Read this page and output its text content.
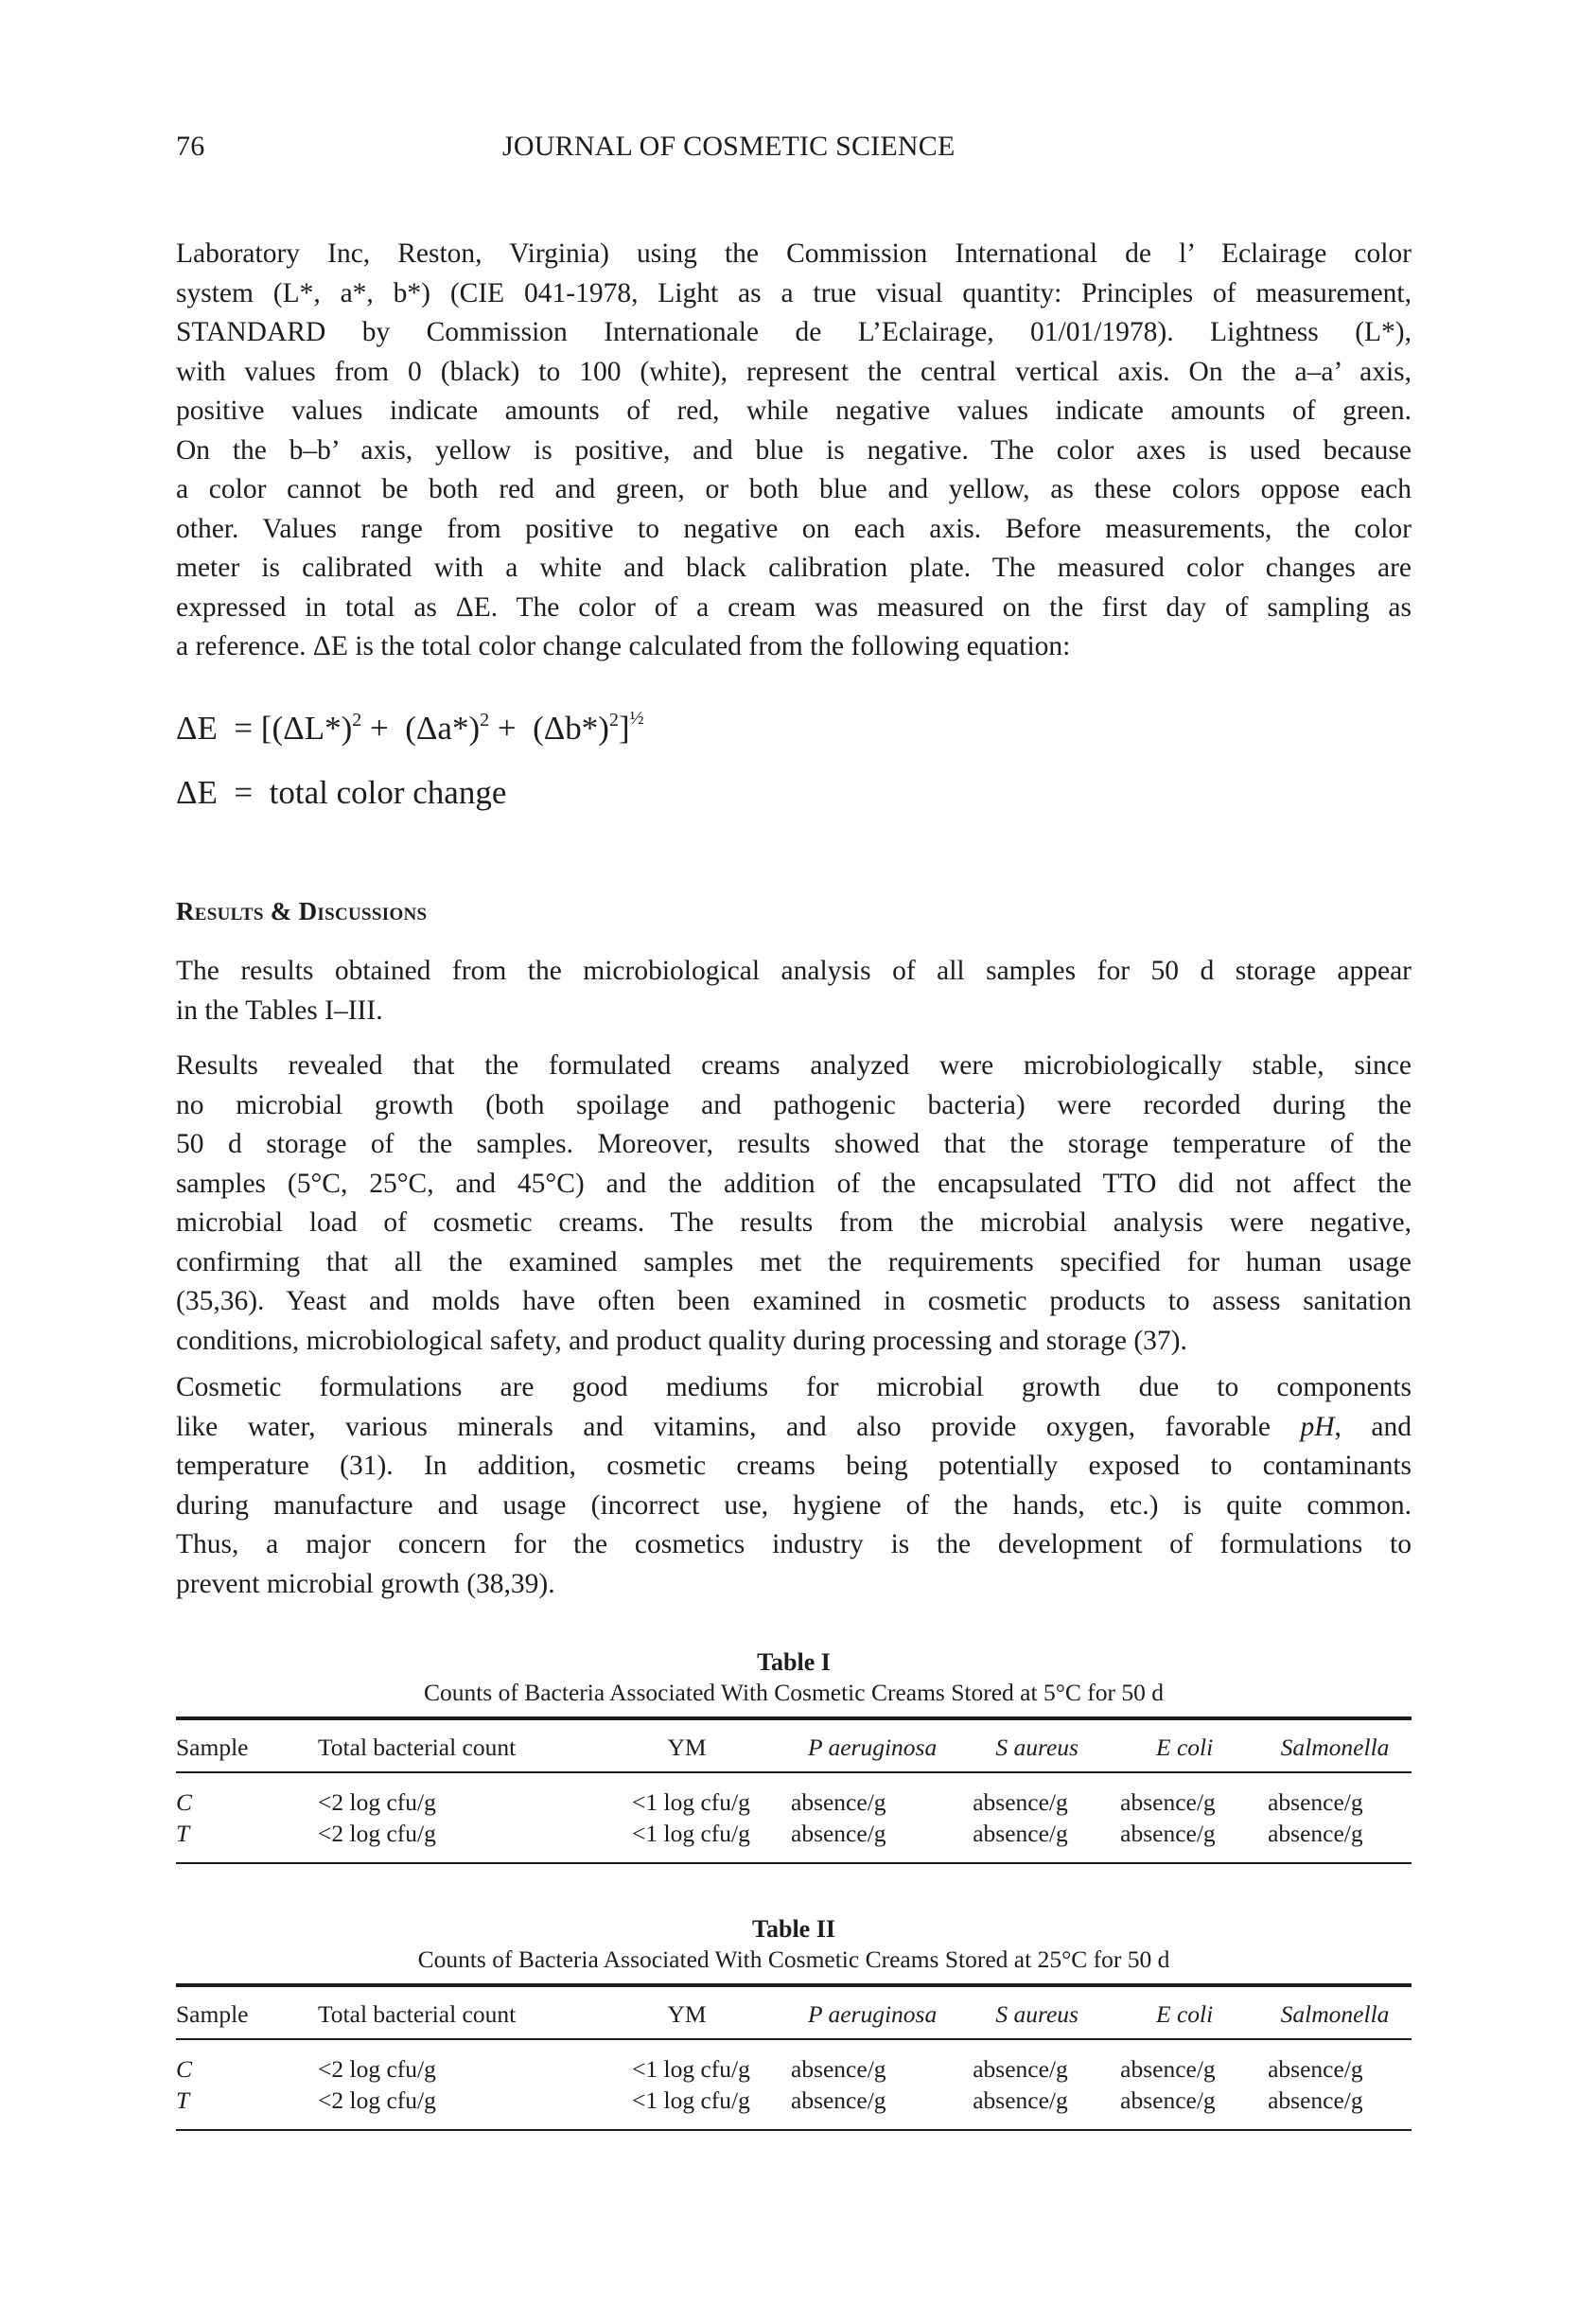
76	JOURNAL OF COSMETIC SCIENCE

Laboratory Inc, Reston, Virginia) using the Commission International de l’ Eclairage color
system (L*, a*, b*) (CIE 041-1978, Light as a true visual quantity: Principles of measurement,
STANDARD by Commission Internationale de L’Eclairage, 01/01/1978). Lightness (L*),
with values from 0 (black) to 100 (white), represent the central vertical axis. On the a–a’ axis,
positive values indicate amounts of red, while negative values indicate amounts of green.
On the b–b’ axis, yellow is positive, and blue is negative. The color axes is used because
a color cannot be both red and green, or both blue and yellow, as these colors oppose each
other. Values range from positive to negative on each axis. Before measurements, the color
meter is calibrated with a white and black calibration plate. The measured color changes are
expressed in total as ΔE. The color of a cream was measured on the first day of sampling as
a reference. ΔE is the total color change calculated from the following equation:

$\Delta E = [(\Delta L*)^2 + (\Delta a*)^2 + (\Delta b*)^2]^{\frac{1}{2}}$
ΔE = total color change
Results & Discussions

The results obtained from the microbiological analysis of all samples for 50 d storage appear
in the Tables I–III.

Results revealed that the formulated creams analyzed were microbiologically stable, since
no microbial growth (both spoilage and pathogenic bacteria) were recorded during the
50 d storage of the samples. Moreover, results showed that the storage temperature of the
samples (5°C, 25°C, and 45°C) and the addition of the encapsulated TTO did not affect the
microbial load of cosmetic creams. The results from the microbial analysis were negative,
confirming that all the examined samples met the requirements specified for human usage
(35,36). Yeast and molds have often been examined in cosmetic products to assess sanitation
conditions, microbiological safety, and product quality during processing and storage (37).

Cosmetic formulations are good mediums for microbial growth due to components
like water, various minerals and vitamins, and also provide oxygen, favorable pH, and
temperature (31). In addition, cosmetic creams being potentially exposed to contaminants
during manufacture and usage (incorrect use, hygiene of the hands, etc.) is quite common.
Thus, a major concern for the cosmetics industry is the development of formulations to
prevent microbial growth (38,39).

Table I
Counts of Bacteria Associated With Cosmetic Creams Stored at 5°C for 50 d
Sample	Total bacterial count	YM	P aeruginosa	S aureus	E coli	Salmonella
C	<2 log cfu/g	<1 log cfu/g	absence/g	absence/g	absence/g	absence/g
T	<2 log cfu/g	<1 log cfu/g	absence/g	absence/g	absence/g	absence/g
Table II
Counts of Bacteria Associated With Cosmetic Creams Stored at 25°C for 50 d
Sample	Total bacterial count	YM	P aeruginosa	S aureus	E coli	Salmonella
C	<2 log cfu/g	<1 log cfu/g	absence/g	absence/g	absence/g	absence/g
T	<2 log cfu/g	<1 log cfu/g	absence/g	absence/g	absence/g	absence/g
